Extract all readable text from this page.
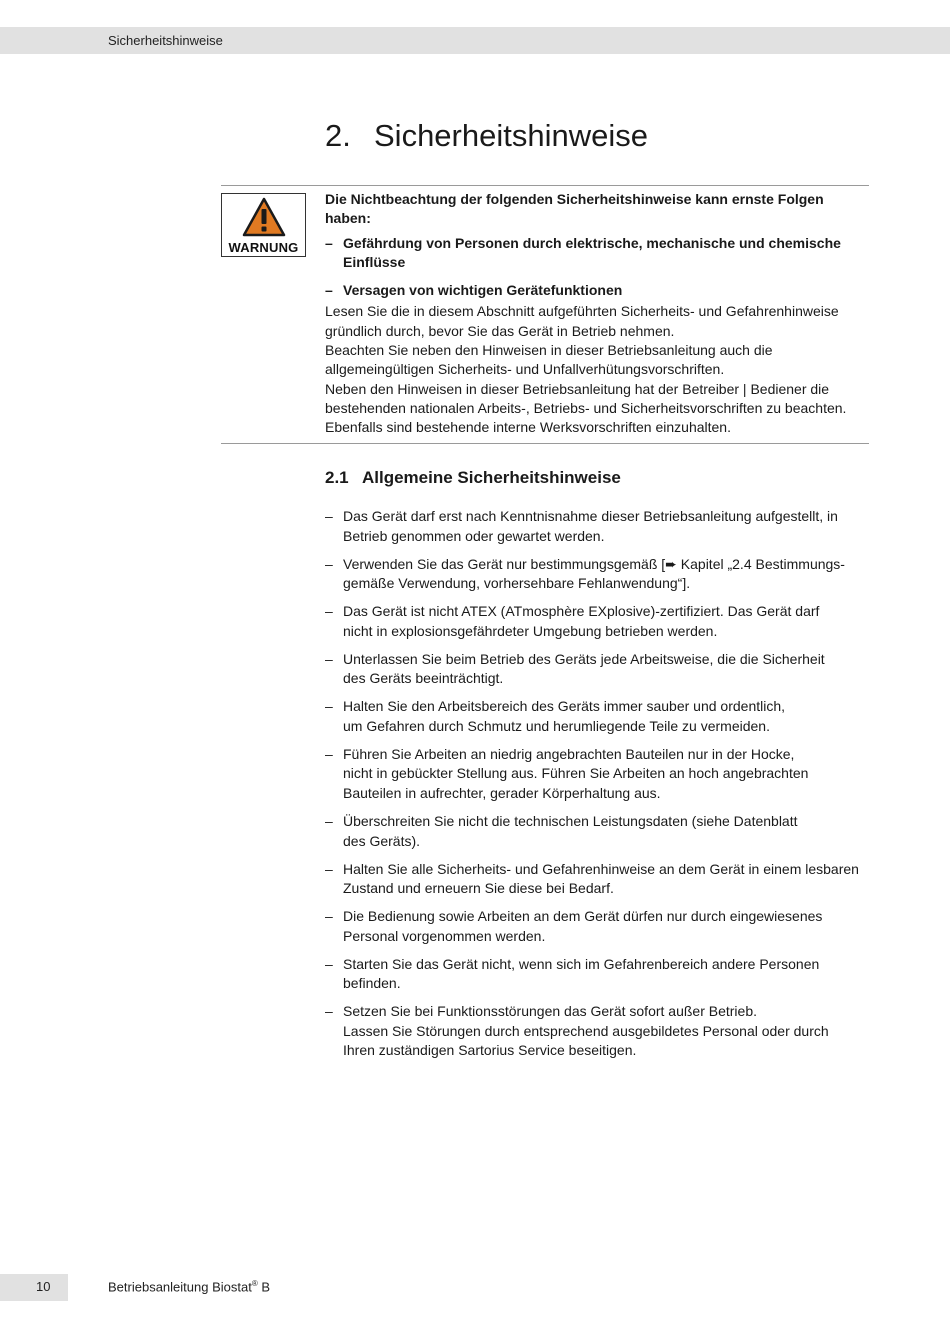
Sicherheitshinweise
2. Sicherheitshinweise
WARNUNG

Die Nichtbeachtung der folgenden Sicherheitshinweise kann ernste Folgen haben:

– Gefährdung von Personen durch elektrische, mechanische und chemische Einflüsse
– Versagen von wichtigen Gerätefunktionen

Lesen Sie die in diesem Abschnitt aufgeführten Sicherheits- und Gefahrenhinweise gründlich durch, bevor Sie das Gerät in Betrieb nehmen.

Beachten Sie neben den Hinweisen in dieser Betriebsanleitung auch die allgemeingültigen Sicherheits- und Unfallverhütungsvorschriften.

Neben den Hinweisen in dieser Betriebsanleitung hat der Betreiber | Bediener die bestehenden nationalen Arbeits-, Betriebs- und Sicherheitsvorschriften zu beachten. Ebenfalls sind bestehende interne Werksvorschriften einzuhalten.

2.1 Allgemeine Sicherheitshinweise
– Das Gerät darf erst nach Kenntnisnahme dieser Betriebsanleitung aufgestellt, in
Betrieb genommen oder gewartet werden.
– Verwenden Sie das Gerät nur bestimmungsgemäß [➨ Kapitel „2.4 Bestimmungs-
gemäße Verwendung, vorhersehbare Fehlanwendung“].
– Das Gerät ist nicht ATEX (ATmosphère EXplosive)-zertifiziert. Das Gerät darf
nicht in explosionsgefährdeter Umgebung betrieben werden.
– Unterlassen Sie beim Betrieb des Geräts jede Arbeitsweise, die die Sicherheit
des Geräts beeinträchtigt.
– Halten Sie den Arbeitsbereich des Geräts immer sauber und ordentlich,
um Gefahren durch Schmutz und herumliegende Teile zu vermeiden.
– Führen Sie Arbeiten an niedrig angebrachten Bauteilen nur in der Hocke,
nicht in gebückter Stellung aus. Führen Sie Arbeiten an hoch angebrachten
Bauteilen in aufrechter, gerader Körperhaltung aus.
– Überschreiten Sie nicht die technischen Leistungsdaten (siehe Datenblatt
des Geräts).
– Halten Sie alle Sicherheits- und Gefahrenhinweise an dem Gerät in einem lesbaren
Zustand und erneuern Sie diese bei Bedarf.
– Die Bedienung sowie Arbeiten an dem Gerät dürfen nur durch eingewiesenes
Personal vorgenommen werden.
– Starten Sie das Gerät nicht, wenn sich im Gefahrenbereich andere Personen
befinden.
– Setzen Sie bei Funktionsstörungen das Gerät sofort außer Betrieb.
Lassen Sie Störungen durch entsprechend ausgebildetes Personal oder durch
Ihren zuständigen Sartorius Service beseitigen.
10	Betriebsanleitung Biostat® B
